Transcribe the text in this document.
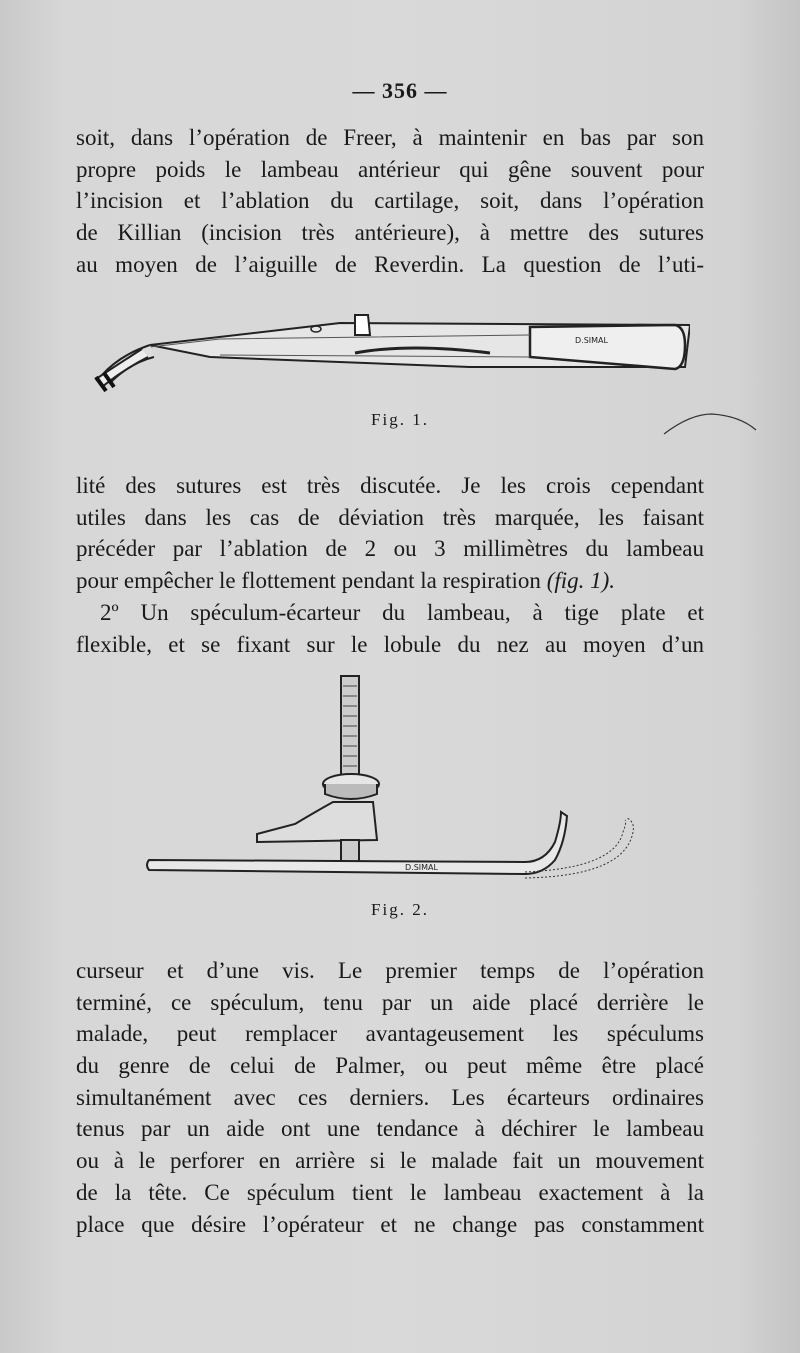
— 356 —
soit, dans l’opération de Freer, à maintenir en bas par son
propre poids le lambeau antérieur qui gêne souvent pour
l’incision et l’ablation du cartilage, soit, dans l’opération
de Killian (incision très antérieure), à mettre des sutures
au moyen de l’aiguille de Reverdin. La question de l’uti-
D.SIMAL
Fig. 1.
lité des sutures est très discutée. Je les crois cependant
utiles dans les cas de déviation très marquée, les faisant
précéder par l’ablation de 2 ou 3 millimètres du lambeau
pour empêcher le flottement pendant la respiration (fig. 1).
2º Un spéculum-écarteur du lambeau, à tige plate et
flexible, et se fixant sur le lobule du nez au moyen d’un
D.SIMAL
Fig. 2.
curseur et d’une vis. Le premier temps de l’opération
terminé, ce spéculum, tenu par un aide placé derrière le
malade, peut remplacer avantageusement les spéculums
du genre de celui de Palmer, ou peut même être placé
simultanément avec ces derniers. Les écarteurs ordinaires
tenus par un aide ont une tendance à déchirer le lambeau
ou à le perforer en arrière si le malade fait un mouvement
de la tête. Ce spéculum tient le lambeau exactement à la
place que désire l’opérateur et ne change pas constamment
